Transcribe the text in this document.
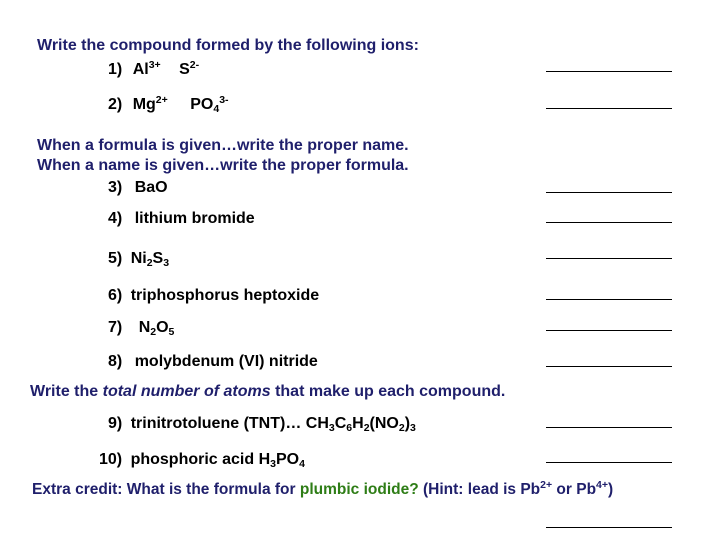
Write the compound formed by the following ions:
1) $Al^{3+}$ $S^{2-}$
2) $Mg^{2+}$ $PO_4^{3-}$
When a formula is given…write the proper name.
When a name is given…write the proper formula.
3) BaO
4) lithium bromide
5) $Ni_2S_3$
6) triphosphorus heptoxide
7) $N_2O_5$
8) molybdenum (VI) nitride
Write the total number of atoms that make up each compound.
9) trinitrotoluene (TNT)… $CH_3C_6H_2(NO_2)_3$
10) phosphoric acid $H_3PO_4$
Extra credit: What is the formula for plumbic iodide? (Hint: lead is $Pb^{2+}$ or $Pb^{4+}$)
